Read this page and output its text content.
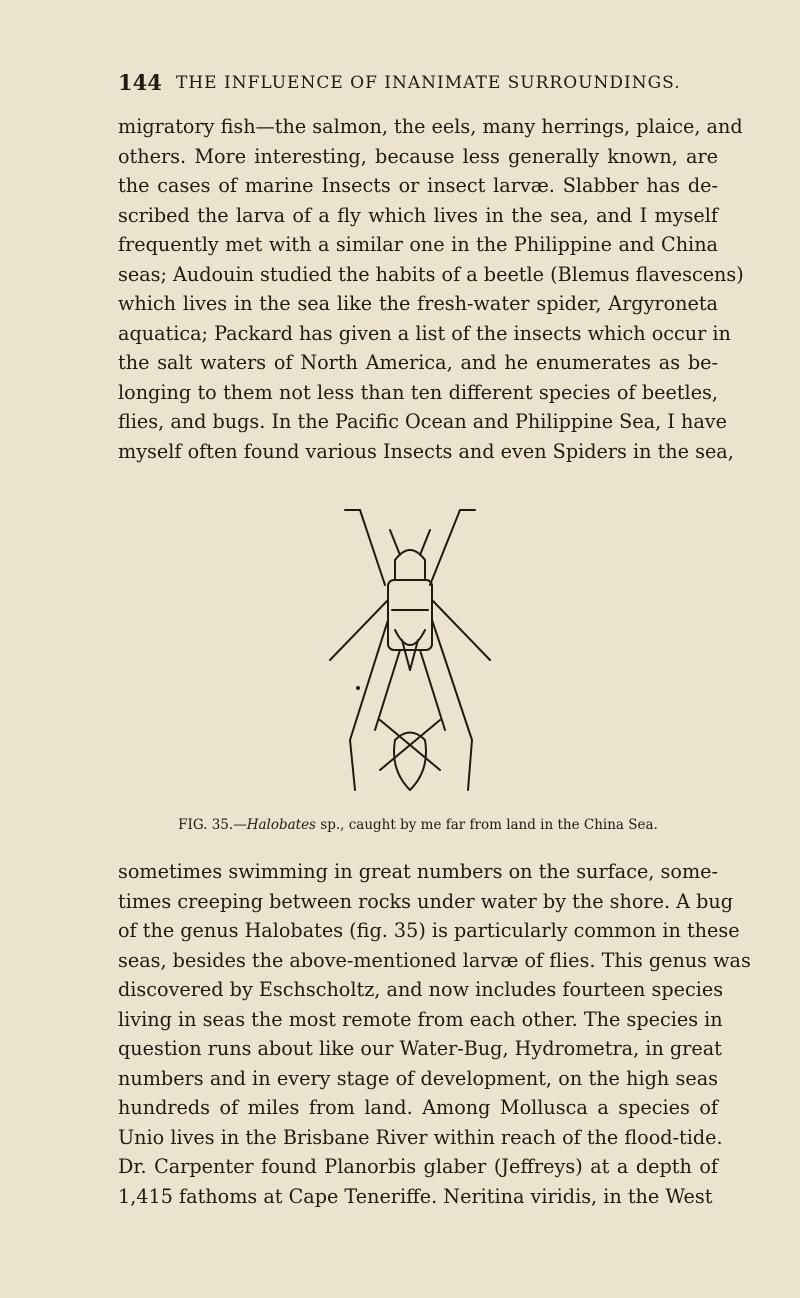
144 THE INFLUENCE OF INANIMATE SURROUNDINGS.
migratory fish—the salmon, the eels, many herrings, plaice, and
others. More interesting, because less generally known, are
the cases of marine Insects or insect larvæ. Slabber has de-
scribed the larva of a fly which lives in the sea, and I myself
frequently met with a similar one in the Philippine and China
seas; Audouin studied the habits of a beetle (Blemus flavescens)
which lives in the sea like the fresh-water spider, Argyroneta
aquatica; Packard has given a list of the insects which occur in
the salt waters of North America, and he enumerates as be-
longing to them not less than ten different species of beetles,
flies, and bugs. In the Pacific Ocean and Philippine Sea, I have
myself often found various Insects and even Spiders in the sea,
FIG. 35.—Halobates sp., caught by me far from land in the China Sea.
sometimes swimming in great numbers on the surface, some-
times creeping between rocks under water by the shore. A bug
of the genus Halobates (fig. 35) is particularly common in these
seas, besides the above-mentioned larvæ of flies. This genus was
discovered by Eschscholtz, and now includes fourteen species
living in seas the most remote from each other. The species in
question runs about like our Water-Bug, Hydrometra, in great
numbers and in every stage of development, on the high seas
hundreds of miles from land. Among Mollusca a species of
Unio lives in the Brisbane River within reach of the flood-tide.
Dr. Carpenter found Planorbis glaber (Jeffreys) at a depth of
1,415 fathoms at Cape Teneriffe. Neritina viridis, in the West
